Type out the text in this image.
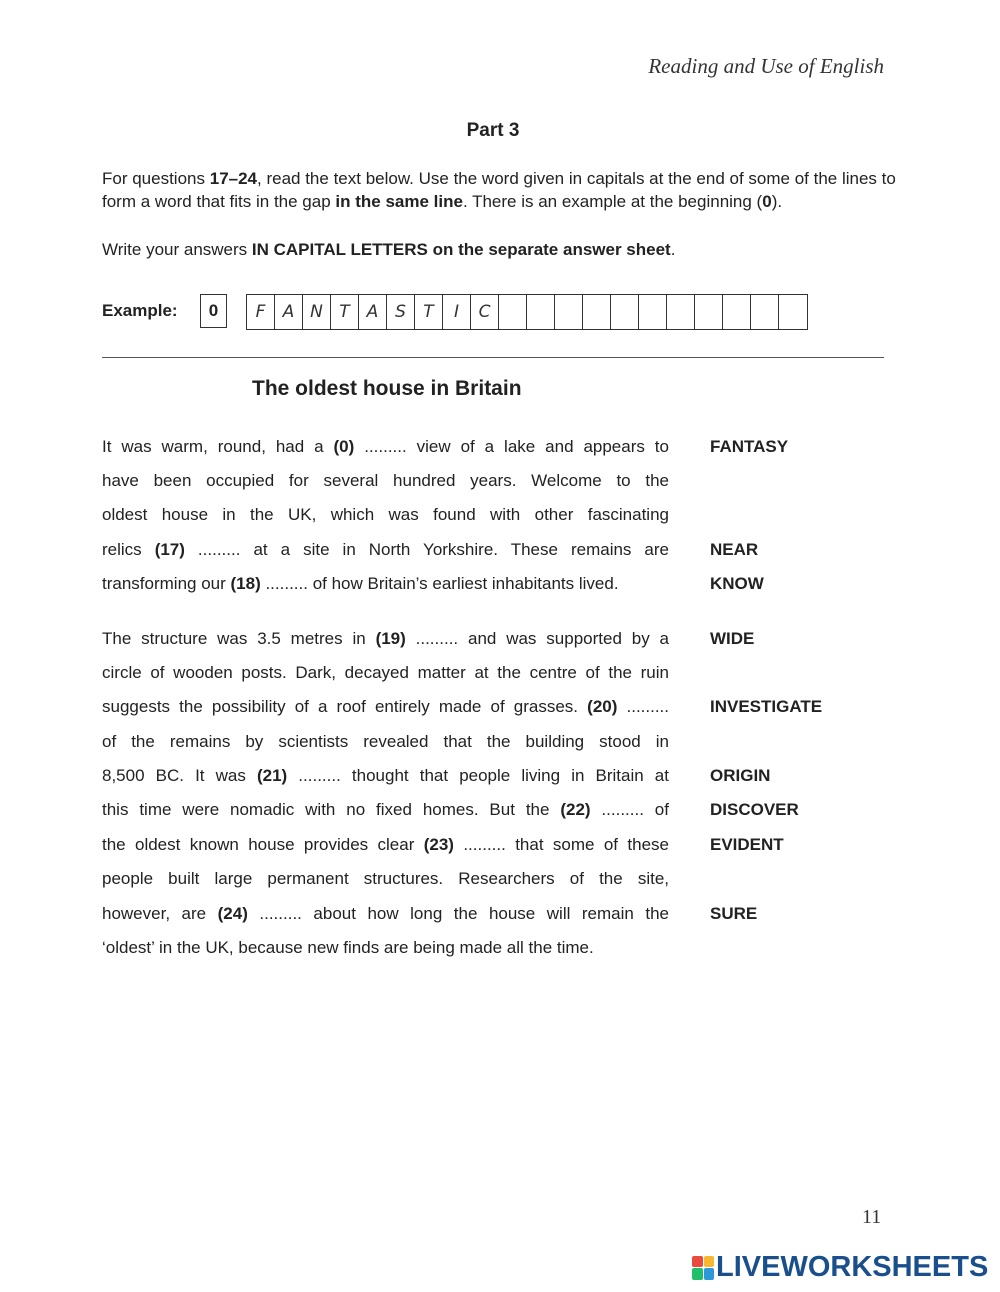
Reading and Use of English
Part 3
For questions 17–24, read the text below. Use the word given in capitals at the end of some of the lines to form a word that fits in the gap in the same line. There is an example at the beginning (0).
Write your answers IN CAPITAL LETTERS on the separate answer sheet.
Example:	0	F	A N T A S	T	I	C
The oldest house in Britain
It was warm, round, had a (0) ......... view of a lake and appears to FANTASY
have been occupied for several hundred years. Welcome to the
oldest house in the UK, which was found with other fascinating
relics (17) ......... at a site in North Yorkshire. These remains are NEAR
transforming our (18) ......... of how Britain’s earliest inhabitants lived.	KNOW
The structure was 3.5 metres in (19) ......... and was supported by a WIDE
circle of wooden posts. Dark, decayed matter at the centre of the ruin
suggests the possibility of a roof entirely made of grasses. (20) ......... INVESTIGATE
of the remains by scientists revealed that the building stood in
8,500 BC. It was (21) ......... thought that people living in Britain at ORIGIN
this time were nomadic with no fixed homes. But the (22) ......... of DISCOVER
the oldest known house provides clear (23) ......... that some of these EVIDENT
people built large permanent structures. Researchers of the site,
however, are (24) ......... about how long the house will remain the SURE
‘oldest’ in the UK, because new finds are being made all the time.
11
LIVEWORKSHEETS
